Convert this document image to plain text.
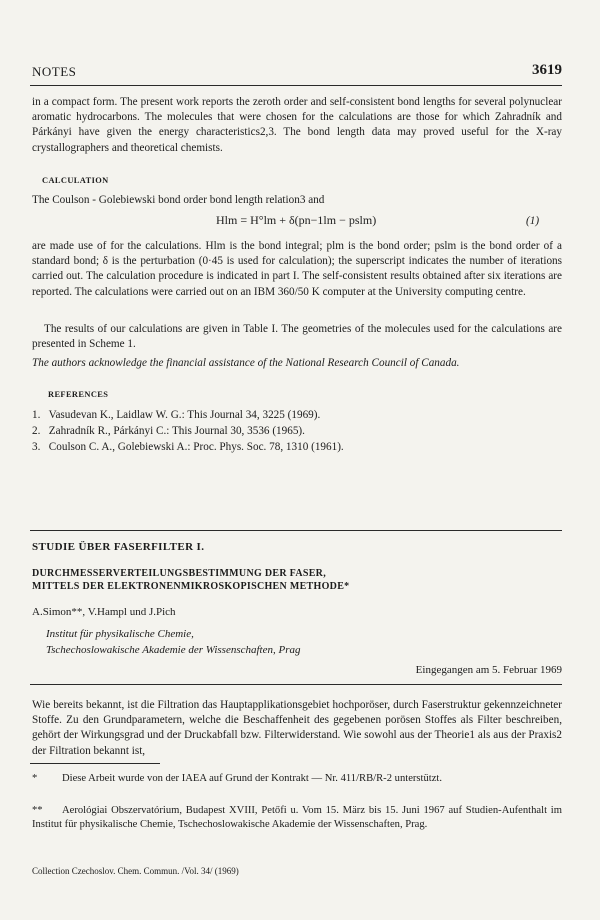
NOTES	3619
in a compact form. The present work reports the zeroth order and self-consistent bond lengths for several polynuclear aromatic hydrocarbons. The molecules that were chosen for the calculations are those for which Zahradník and Párkányi have given the energy characteristics2,3. The bond length data may proved useful for the X-ray crystallographers and theoretical chemists.
CALCULATION
The Coulson - Golebiewski bond order bond length relation3 and
Hlm = H°lm + δ(pn−1lm − pslm)	(1)
are made use of for the calculations. Hlm is the bond integral; plm is the bond order; pslm is the bond order of a standard bond; δ is the perturbation (0·45 is used for calculation); the superscript indicates the number of iterations carried out. The calculation procedure is indicated in part I. The self-consistent results obtained after six iterations are reported. The calculations were carried out on an IBM 360/50 K computer at the University computing centre.
The results of our calculations are given in Table I. The geometries of the molecules used for the calculations are presented in Scheme 1.
The authors acknowledge the financial assistance of the National Research Council of Canada.
REFERENCES
1. Vasudevan K., Laidlaw W. G.: This Journal 34, 3225 (1969).
2. Zahradník R., Párkányi C.: This Journal 30, 3536 (1965).
3. Coulson C. A., Golebiewski A.: Proc. Phys. Soc. 78, 1310 (1961).
STUDIE ÜBER FASERFILTER I.
DURCHMESSERVERTEILUNGSBESTIMMUNG DER FASER,
MITTELS DER ELEKTRONENMIKROSKOPISCHEN METHODE*
A.Simon**, V.Hampl und J.Pich
Institut für physikalische Chemie,
Tschechoslowakische Akademie der Wissenschaften, Prag
Eingegangen am 5. Februar 1969
Wie bereits bekannt, ist die Filtration das Hauptapplikationsgebiet hochporöser, durch Faserstruktur gekennzeichneter Stoffe. Zu den Grundparametern, welche die Beschaffenheit des gegebenen porösen Stoffes als Filter beschreiben, gehört der Wirkungsgrad und der Druckabfall bzw. Filterwiderstand. Wie sowohl aus der Theorie1 als aus der Praxis2 der Filtration bekannt ist,
* Diese Arbeit wurde von der IAEA auf Grund der Kontrakt — Nr. 411/RB/R-2 unterstützt.
** Aerológiai Obszervatórium, Budapest XVIII, Petőfi u. Vom 15. März bis 15. Juni 1967 auf Studien-Aufenthalt im Institut für physikalische Chemie, Tschechoslowakische Akademie der Wissenschaften, Prag.
Collection Czechoslov. Chem. Commun. /Vol. 34/ (1969)
